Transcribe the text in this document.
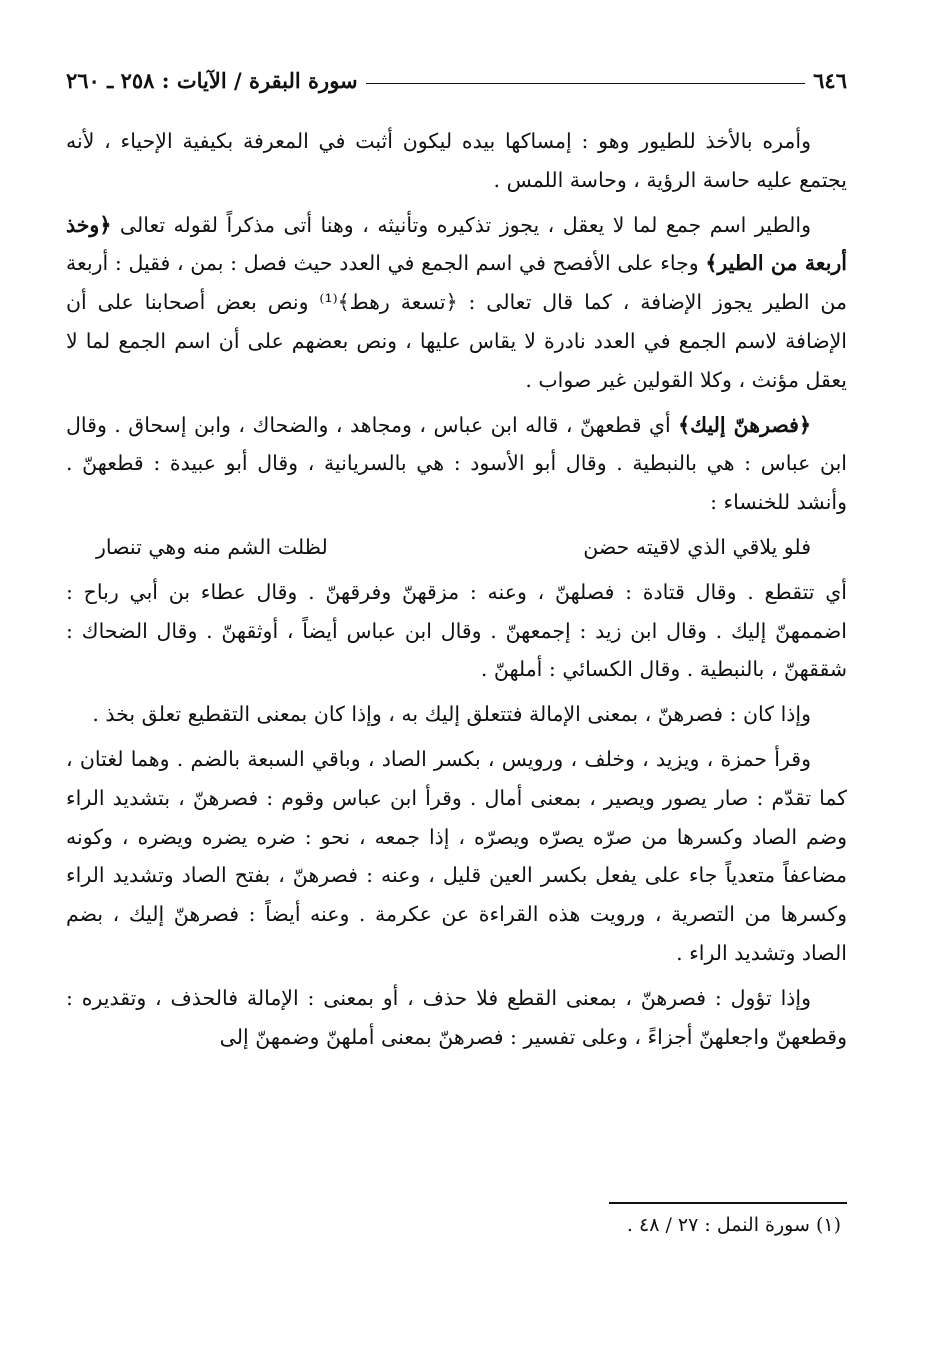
٦٤٦
سورة البقرة / الآيات : ٢٥٨ ـ ٢٦٠

وأمره بالأخذ للطيور وهو : إمساكها بيده ليكون أثبت في المعرفة بكيفية الإحياء ، لأنه يجتمع عليه حاسة الرؤية ، وحاسة اللمس .

والطير اسم جمع لما لا يعقل ، يجوز تذكيره وتأنيثه ، وهنا أتى مذكراً لقوله تعالى ﴿وخذ أربعة من الطير﴾ وجاء على الأفصح في اسم الجمع في العدد حيث فصل : بمن ، فقيل : أربعة من الطير يجوز الإضافة ، كما قال تعالى : ﴿تسعة رهط﴾⁽¹⁾ ونص بعض أصحابنا على أن الإضافة لاسم الجمع في العدد نادرة لا يقاس عليها ، ونص بعضهم على أن اسم الجمع لما لا يعقل مؤنث ، وكلا القولين غير صواب .

﴿فصرهنّ إليك﴾ أي قطعهنّ ، قاله ابن عباس ، ومجاهد ، والضحاك ، وابن إسحاق . وقال ابن عباس : هي بالنبطية . وقال أبو الأسود : هي بالسريانية ، وقال أبو عبيدة : قطعهنّ . وأنشد للخنساء :

فلو يلاقي الذي لاقيته حضن
لظلت الشم منه وهي تنصار

أي تتقطع . وقال قتادة : فصلهنّ ، وعنه : مزقهنّ وفرقهنّ . وقال عطاء بن أبي رباح : اضممهنّ إليك . وقال ابن زيد : إجمعهنّ . وقال ابن عباس أيضاً ، أوثقهنّ . وقال الضحاك : شققهنّ ، بالنبطية . وقال الكسائي : أملهنّ .

وإذا كان : فصرهنّ ، بمعنى الإمالة فتتعلق إليك به ، وإذا كان بمعنى التقطيع تعلق بخذ .

وقرأ حمزة ، ويزيد ، وخلف ، ورويس ، بكسر الصاد ، وباقي السبعة بالضم . وهما لغتان ، كما تقدّم : صار يصور ويصير ، بمعنى أمال . وقرأ ابن عباس وقوم : فصرهنّ ، بتشديد الراء وضم الصاد وكسرها من صرّه يصرّه ويصرّه ، إذا جمعه ، نحو : ضره يضره ويضره ، وكونه مضاعفاً متعدياً جاء على يفعل بكسر العين قليل ، وعنه : فصرهنّ ، بفتح الصاد وتشديد الراء وكسرها من التصرية ، ورويت هذه القراءة عن عكرمة . وعنه أيضاً : فصرهنّ إليك ، بضم الصاد وتشديد الراء .

وإذا تؤول : فصرهنّ ، بمعنى القطع فلا حذف ، أو بمعنى : الإمالة فالحذف ، وتقديره : وقطعهنّ واجعلهنّ أجزاءً ، وعلى تفسير : فصرهنّ بمعنى أملهنّ وضمهنّ إلى

(١) سورة النمل : ٢٧ / ٤٨ .
